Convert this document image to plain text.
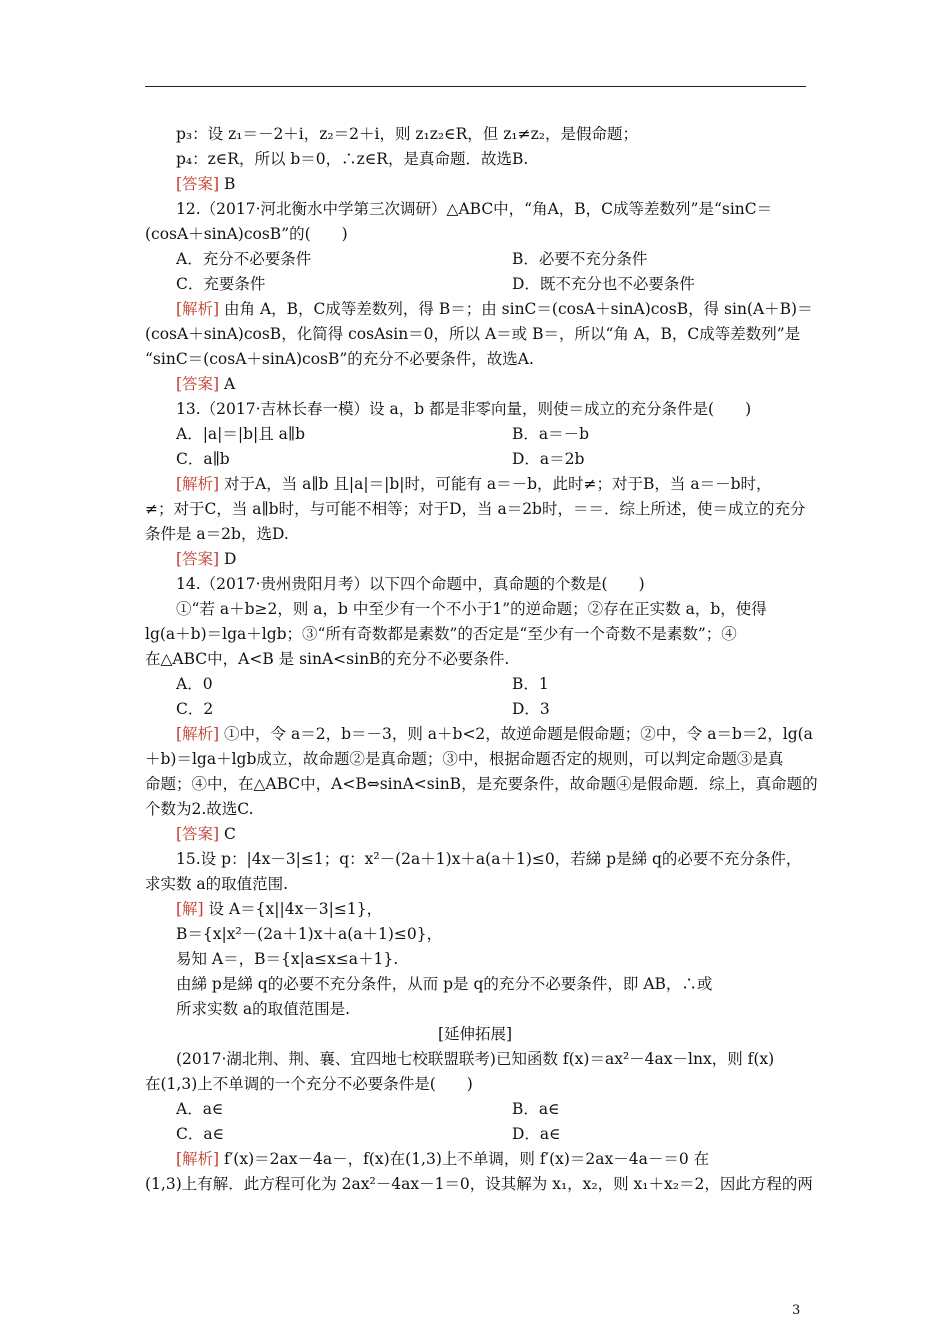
p₃：设 z₁＝－2＋i，z₂＝2＋i，则 z₁z₂∈R，但 z₁≠z₂，是假命题；
p₄：z∈R，所以 b＝0，∴z∈R，是真命题．故选B.
[答案] B
12.（2017·河北衡水中学第三次调研）△ABC中，“角A，B，C成等差数列”是“sinC＝
(cosA＋sinA)cosB”的(　　)
A．充分不必要条件	B．必要不充分条件
C．充要条件	D．既不充分也不必要条件
[解析] 由角 A，B，C成等差数列，得 B＝；由 sinC＝(cosA＋sinA)cosB，得 sin(A＋B)＝
(cosA＋sinA)cosB，化简得 cosAsin＝0，所以 A＝或 B＝，所以“角 A，B，C成等差数列”是
“sinC＝(cosA＋sinA)cosB”的充分不必要条件，故选A.
[答案] A
13.（2017·吉林长春一模）设 a，b 都是非零向量，则使＝成立的充分条件是(　　)
A．|a|＝|b|且 a∥b	B．a＝－b
C．a∥b	D．a＝2b
[解析] 对于A，当 a∥b 且|a|＝|b|时，可能有 a＝－b，此时≠；对于B，当 a＝－b时，
≠；对于C，当 a∥b时，与可能不相等；对于D，当 a＝2b时，＝＝．综上所述，使＝成立的充分
条件是 a＝2b，选D.
[答案] D
14.（2017·贵州贵阳月考）以下四个命题中，真命题的个数是(　　)
①“若 a＋b≥2，则 a，b 中至少有一个不小于1”的逆命题；②存在正实数 a，b，使得
lg(a＋b)＝lga＋lgb；③“所有奇数都是素数”的否定是“至少有一个奇数不是素数”；④
在△ABC中，A<B 是 sinA<sinB的充分不必要条件.
A．0	B．1
C．2	D．3
[解析] ①中，令 a＝2，b＝－3，则 a＋b<2，故逆命题是假命题；②中，令 a＝b＝2，lg(a
＋b)＝lga＋lgb成立，故命题②是真命题；③中，根据命题否定的规则，可以判定命题③是真
命题；④中，在△ABC中，A<B⇔sinA<sinB，是充要条件，故命题④是假命题．综上，真命题的
个数为2.故选C.
[答案] C
15.设 p：|4x－3|≤1；q：x²－(2a＋1)x＋a(a＋1)≤0，若綈 p是綈 q的必要不充分条件，
求实数 a的取值范围.
[解] 设 A＝{x||4x－3|≤1}，
B＝{x|x²－(2a＋1)x＋a(a＋1)≤0}，
易知 A＝，B＝{x|a≤x≤a＋1}.
由綈 p是綈 q的必要不充分条件，从而 p是 q的充分不必要条件，即 AB，∴或
所求实数 a的取值范围是.
[延伸拓展]
(2017·湖北荆、荆、襄、宜四地七校联盟联考)已知函数 f(x)＝ax²－4ax－lnx，则 f(x)
在(1,3)上不单调的一个充分不必要条件是(　　)
A．a∈	B．a∈
C．a∈	D．a∈
[解析] f′(x)＝2ax－4a－，f(x)在(1,3)上不单调，则 f′(x)＝2ax－4a－＝0 在
(1,3)上有解．此方程可化为 2ax²－4ax－1＝0，设其解为 x₁，x₂，则 x₁＋x₂＝2，因此方程的两
3
